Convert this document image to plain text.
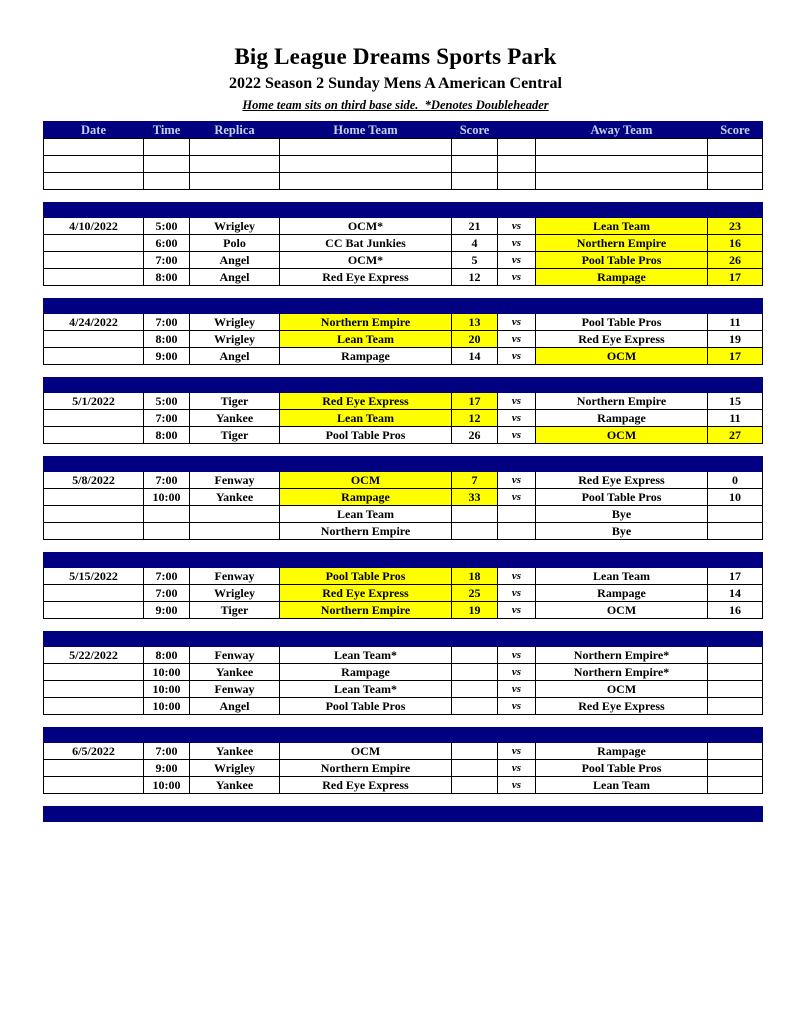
Big League Dreams Sports Park
2022 Season 2 Sunday Mens A American Central
Home team sits on third base side.  *Denotes Doubleheader
Date	Time	Replica	Home Team	Score		Away Team	Score

4/10/2022	5:00	Wrigley	OCM*	21	vs	Lean Team	23
	6:00	Polo	CC Bat Junkies	4	vs	Northern Empire	16
	7:00	Angel	OCM*	5	vs	Pool Table Pros	26
	8:00	Angel	Red Eye Express	12	vs	Rampage	17

4/24/2022	7:00	Wrigley	Northern Empire	13	vs	Pool Table Pros	11
	8:00	Wrigley	Lean Team	20	vs	Red Eye Express	19
	9:00	Angel	Rampage	14	vs	OCM	17

5/1/2022	5:00	Tiger	Red Eye Express	17	vs	Northern Empire	15
	7:00	Yankee	Lean Team	12	vs	Rampage	11
	8:00	Tiger	Pool Table Pros	26	vs	OCM	27

5/8/2022	7:00	Fenway	OCM	7	vs	Red Eye Express	0
	10:00	Yankee	Rampage	33	vs	Pool Table Pros	10
			Lean Team			Bye	
			Northern Empire			Bye	

5/15/2022	7:00	Fenway	Pool Table Pros	18	vs	Lean Team	17
	7:00	Wrigley	Red Eye Express	25	vs	Rampage	14
	9:00	Tiger	Northern Empire	19	vs	OCM	16

5/22/2022	8:00	Fenway	Lean Team*		vs	Northern Empire*	
	10:00	Yankee	Rampage		vs	Northern Empire*	
	10:00	Fenway	Lean Team*		vs	OCM	
	10:00	Angel	Pool Table Pros		vs	Red Eye Express	

6/5/2022	7:00	Yankee	OCM		vs	Rampage	
	9:00	Wrigley	Northern Empire		vs	Pool Table Pros	
	10:00	Yankee	Red Eye Express		vs	Lean Team	
